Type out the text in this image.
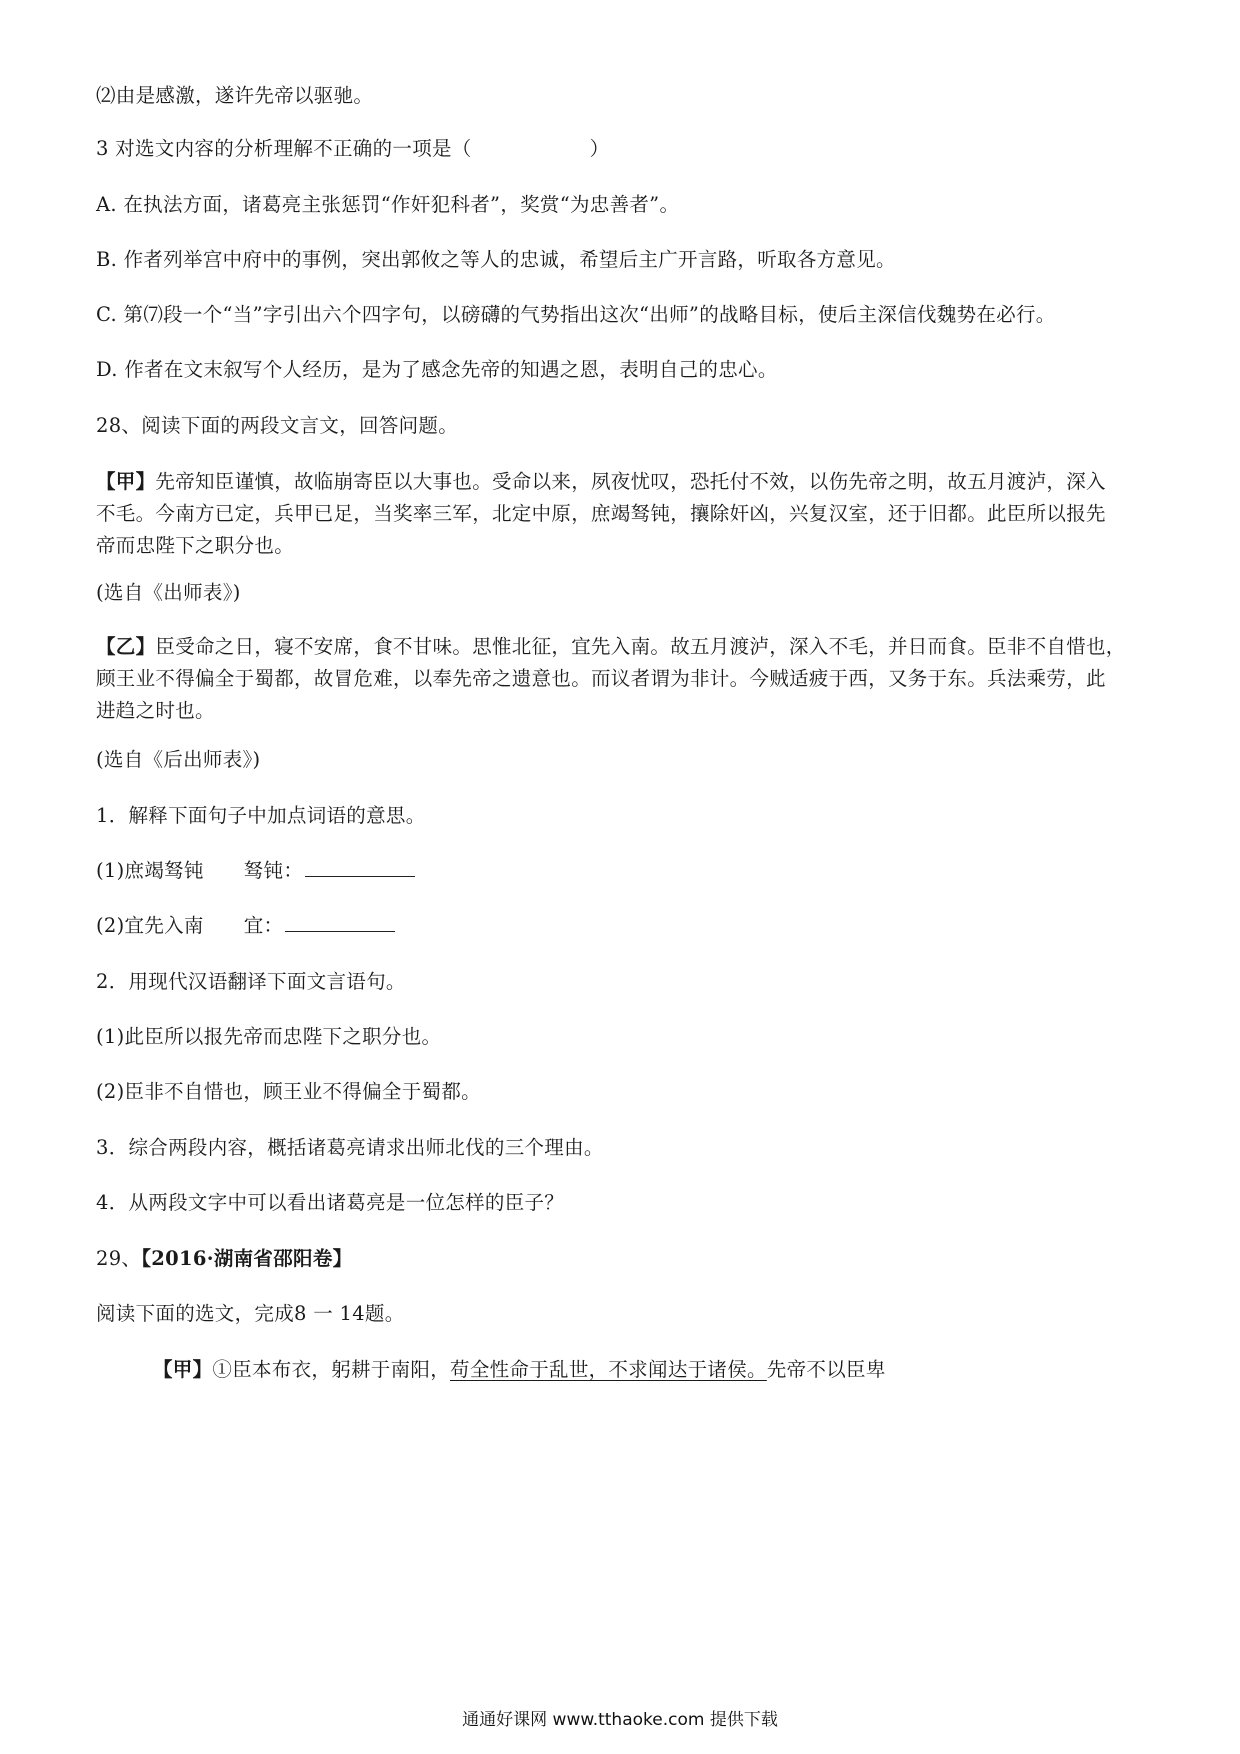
⑵由是感激，遂许先帝以驱驰。
3 对选文内容的分析理解不正确的一项是（	）
A. 在执法方面，诸葛亮主张惩罚“作奸犯科者”，奖赏“为忠善者”。
B. 作者列举宫中府中的事例，突出郭攸之等人的忠诚，希望后主广开言路，听取各方意见。
C. 第⑺段一个“当”字引出六个四字句，以磅礴的气势指出这次“出师”的战略目标，使后主深信伐魏势在必行。
D. 作者在文末叙写个人经历，是为了感念先帝的知遇之恩，表明自己的忠心。
28、阅读下面的两段文言文，回答问题。
【甲】先帝知臣谨慎，故临崩寄臣以大事也。受命以来，夙夜忧叹，恐托付不效，以伤先帝之明，故五月渡泸，深入
不毛。今南方已定，兵甲已足，当奖率三军，北定中原，庶竭驽钝，攘除奸凶，兴复汉室，还于旧都。此臣所以报先
帝而忠陛下之职分也。
(选自《出师表》)
【乙】臣受命之日，寝不安席，食不甘味。思惟北征，宜先入南。故五月渡泸，深入不毛，并日而食。臣非不自惜也，
顾王业不得偏全于蜀都，故冒危难，以奉先帝之遗意也。而议者谓为非计。今贼适疲于西，又务于东。兵法乘劳，此
进趋之时也。
(选自《后出师表》)
1．解释下面句子中加点词语的意思。
(1)庶竭驽钝 驽钝：
(2)宜先入南 宜：
2．用现代汉语翻译下面文言语句。
(1)此臣所以报先帝而忠陛下之职分也。
(2)臣非不自惜也，顾王业不得偏全于蜀都。
3．综合两段内容，概括诸葛亮请求出师北伐的三个理由。
4．从两段文字中可以看出诸葛亮是一位怎样的臣子？
29、【2016·湖南省邵阳卷】
阅读下面的选文，完成8 一 14题。
【甲】①臣本布衣，躬耕于南阳，苟全性命于乱世，不求闻达于诸侯。先帝不以臣卑
通通好课网 www.tthaoke.com 提供下载
